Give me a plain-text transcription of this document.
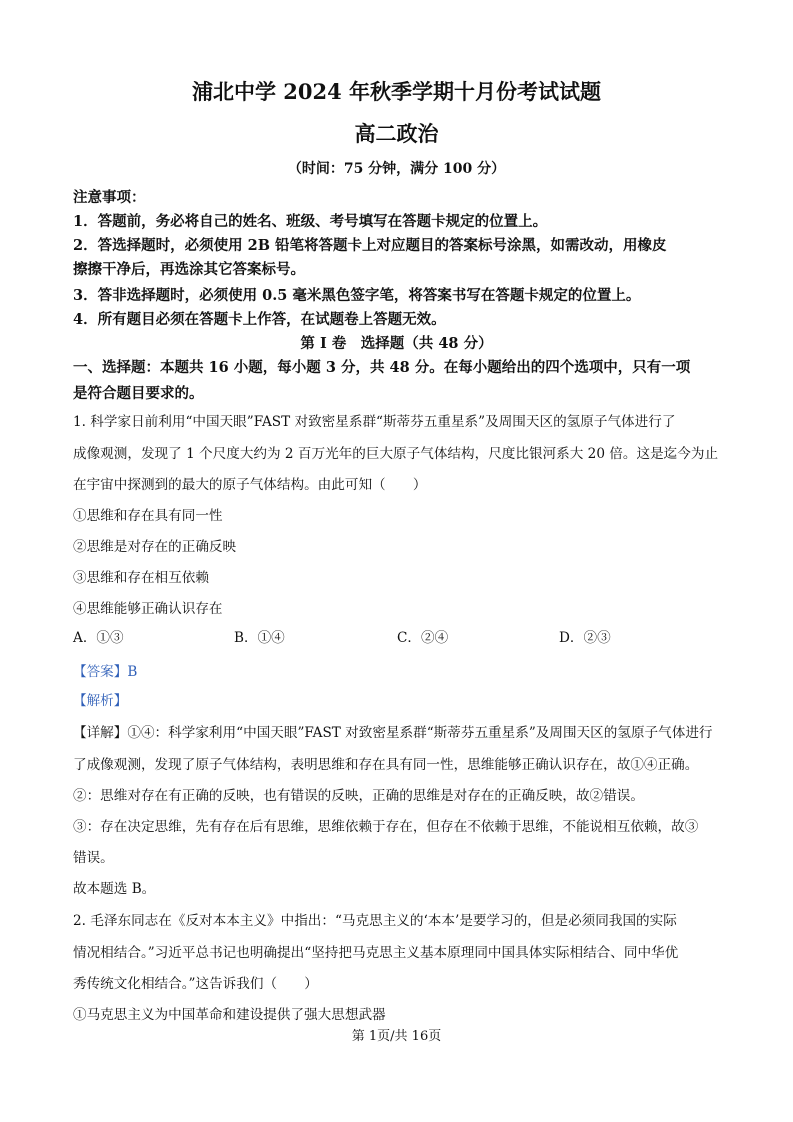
浦北中学 2024 年秋季学期十月份考试试题
高二政治
（时间：75 分钟，满分 100 分）
注意事项：
1．答题前，务必将自己的姓名、班级、考号填写在答题卡规定的位置上。
2．答选择题时，必须使用 2B 铅笔将答题卡上对应题目的答案标号涂黑，如需改动，用橡皮
擦擦干净后，再选涂其它答案标号。
3．答非选择题时，必须使用 0.5 毫米黑色签字笔，将答案书写在答题卡规定的位置上。
4．所有题目必须在答题卡上作答，在试题卷上答题无效。
第 I 卷　选择题（共 48 分）
一、选择题：本题共 16 小题，每小题 3 分，共 48 分。在每小题给出的四个选项中，只有一项
是符合题目要求的。
1. 科学家日前利用“中国天眼”FAST 对致密星系群“斯蒂芬五重星系”及周围天区的氢原子气体进行了
成像观测，发现了 1 个尺度大约为 2 百万光年的巨大原子气体结构，尺度比银河系大 20 倍。这是迄今为止
在宇宙中探测到的最大的原子气体结构。由此可知（　　）
①思维和存在具有同一性
②思维是对存在的正确反映
③思维和存在相互依赖
④思维能够正确认识存在
A．①③	B．①④	C．②④	D．②③
【答案】B
【解析】
【详解】①④：科学家利用“中国天眼”FAST 对致密星系群“斯蒂芬五重星系”及周围天区的氢原子气体进行
了成像观测，发现了原子气体结构，表明思维和存在具有同一性，思维能够正确认识存在，故①④正确。
②：思维对存在有正确的反映，也有错误的反映，正确的思维是对存在的正确反映，故②错误。
③：存在决定思维，先有存在后有思维，思维依赖于存在，但存在不依赖于思维，不能说相互依赖，故③
错误。
故本题选 B。
2. 毛泽东同志在《反对本本主义》中指出：“马克思主义的‘本本’是要学习的，但是必须同我国的实际
情况相结合。”习近平总书记也明确提出“坚持把马克思主义基本原理同中国具体实际相结合、同中华优
秀传统文化相结合。”这告诉我们（　　）
①马克思主义为中国革命和建设提供了强大思想武器
第 1页/共 16页
